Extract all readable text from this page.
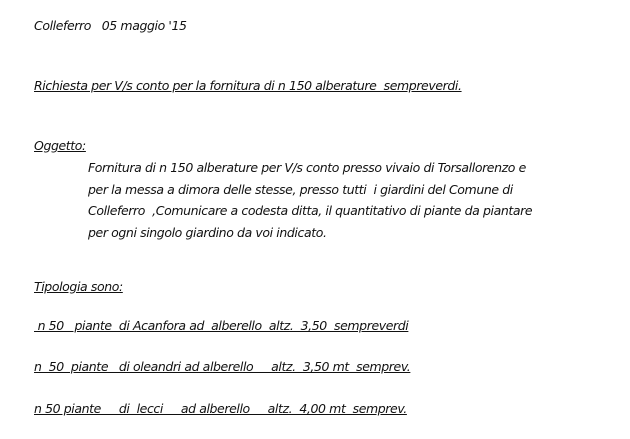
Colleferro   05 maggio '15
Richiesta per V/s conto per la fornitura di n 150 alberature  sempreverdi.
Oggetto:
Fornitura di n 150 alberature per V/s conto presso vivaio di Torsallorenzo e
per la messa a dimora delle stesse, presso tutti  i giardini del Comune di
Colleferro  ,Comunicare a codesta ditta, il quantitativo di piante da piantare
per ogni singolo giardino da voi indicato.
Tipologia sono:
n 50   piante  di Acanfora ad  alberello  altz.  3,50  sempreverdi
n  50  piante   di oleandri ad alberello     altz.  3,50 mt  semprev.
n 50 piante     di  lecci     ad alberello     altz.  4,00 mt  semprev.
